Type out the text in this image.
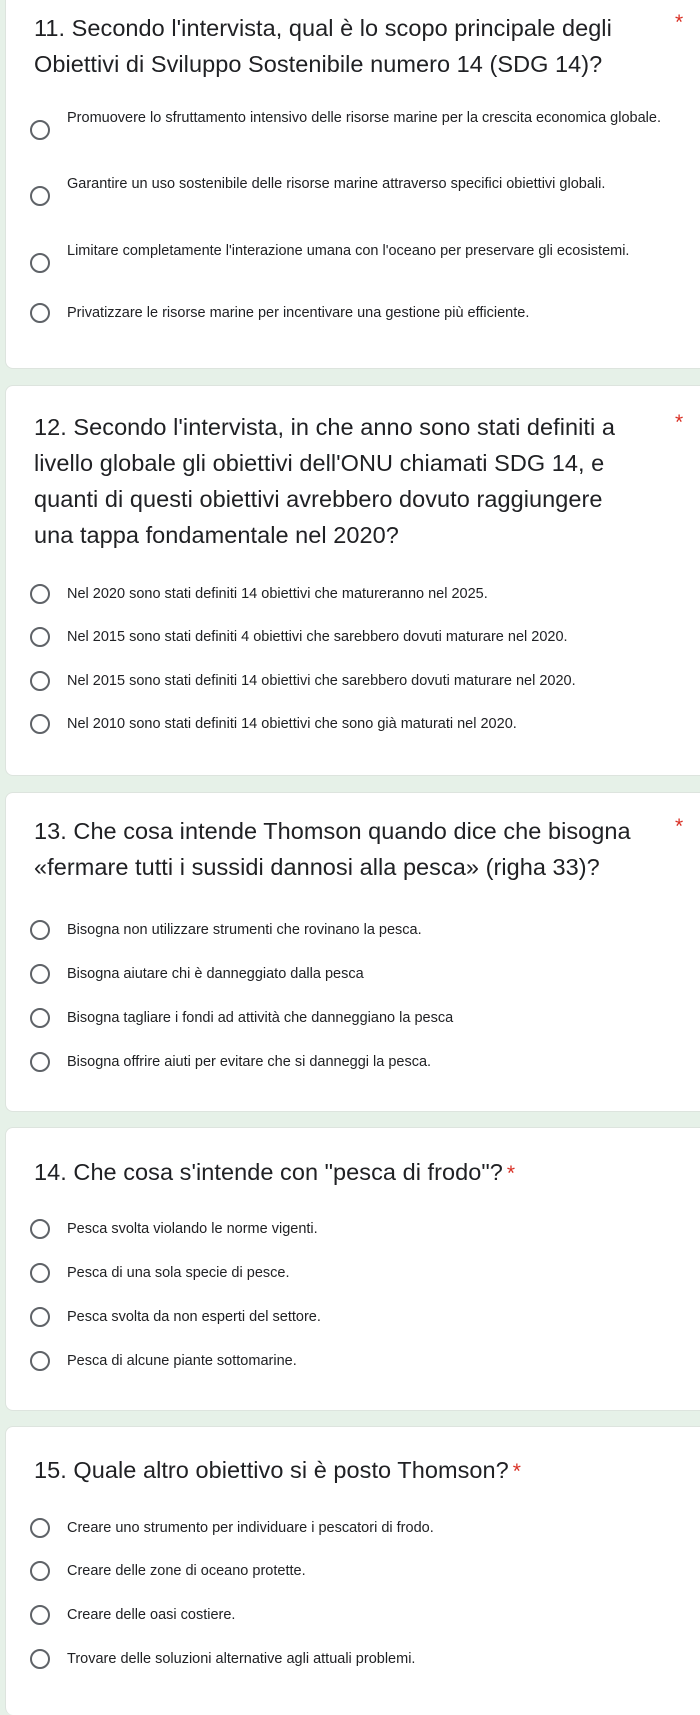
11. Secondo l'intervista, qual è lo scopo principale degli Obiettivi di Sviluppo Sostenibile numero 14 (SDG 14)?
*
Promuovere lo sfruttamento intensivo delle risorse marine per la crescita economica globale.
Garantire un uso sostenibile delle risorse marine attraverso specifici obiettivi globali.
Limitare completamente l'interazione umana con l'oceano per preservare gli ecosistemi.
Privatizzare le risorse marine per incentivare una gestione più efficiente.
12. Secondo l'intervista, in che anno sono stati definiti a livello globale gli obiettivi dell'ONU chiamati SDG 14, e quanti di questi obiettivi avrebbero dovuto raggiungere una tappa fondamentale nel 2020?
*
Nel 2020 sono stati definiti 14 obiettivi che matureranno nel 2025.
Nel 2015 sono stati definiti 4 obiettivi che sarebbero dovuti maturare nel 2020.
Nel 2015 sono stati definiti 14 obiettivi che sarebbero dovuti maturare nel 2020.
Nel 2010 sono stati definiti 14 obiettivi che sono già maturati nel 2020.
13. Che cosa intende Thomson quando dice che bisogna «fermare tutti i sussidi dannosi alla pesca» (righa 33)?
*
Bisogna non utilizzare strumenti che rovinano la pesca.
Bisogna aiutare chi è danneggiato dalla pesca
Bisogna tagliare i fondi ad attività che danneggiano la pesca
Bisogna offrire aiuti per evitare che si danneggi la pesca.
14. Che cosa s'intende con "pesca di frodo"? *
Pesca svolta violando le norme vigenti.
Pesca di una sola specie di pesce.
Pesca svolta da non esperti del settore.
Pesca di alcune piante sottomarine.
15. Quale altro obiettivo si è posto Thomson? *
Creare uno strumento per individuare i pescatori di frodo.
Creare delle zone di oceano protette.
Creare delle oasi costiere.
Trovare delle soluzioni alternative agli attuali problemi.
